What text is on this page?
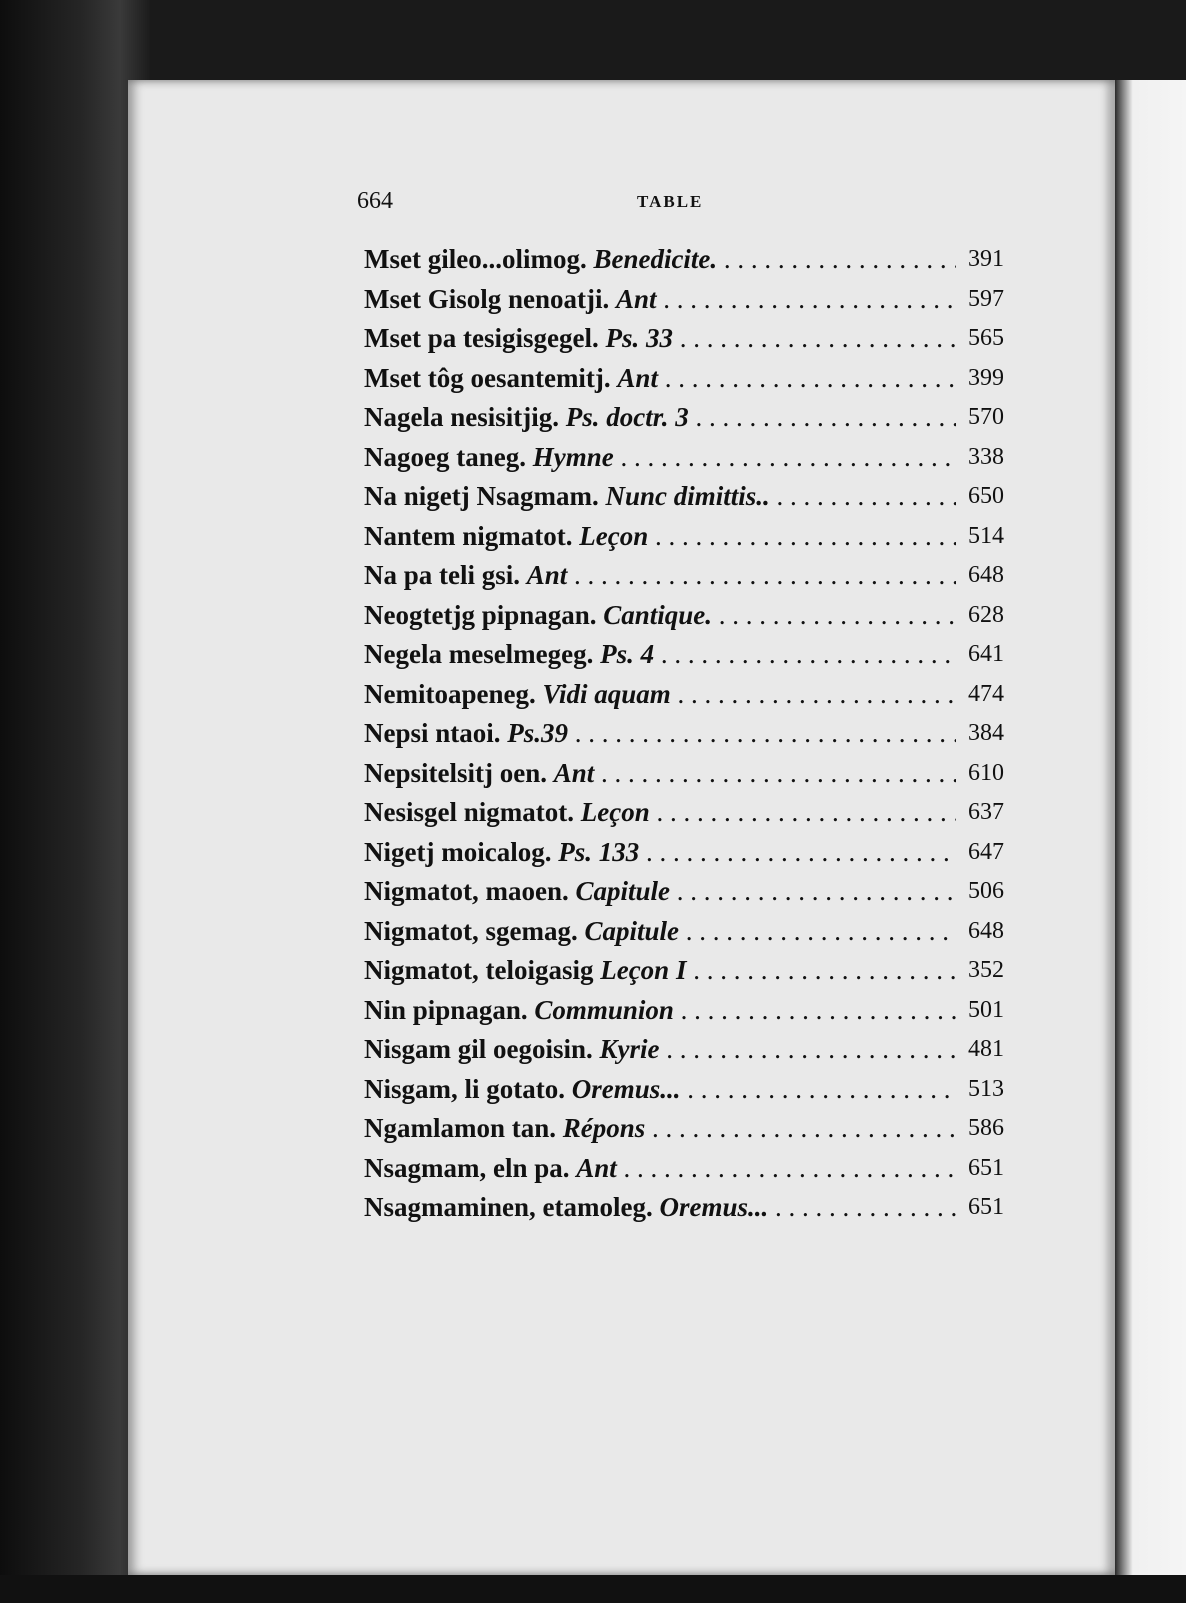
664	TABLE
Mset gileo...olimog. Benedicite. . . .	391
Mset Gisolg nenoatji. Ant . . .	597
Mset pa tesigisgegel. Ps. 33 . . .	565
Mset tôg oesantemitj. Ant . . .	399
Nagela nesisitjig. Ps. doctr. 3 . . .	570
Nagoeg taneg. Hymne . . .	338
Na nigetj Nsagmam. Nunc dimittis.. . . .	650
Nantem nigmatot. Leçon . . .	514
Na pa teli gsi. Ant . . .	648
Neogtetjg pipnagan. Cantique. . . .	628
Negela meselmegeg. Ps. 4 . . .	641
Nemitoapeneg. Vidi aquam . . .	474
Nepsi ntaoi. Ps.39 . . .	384
Nepsitelsitj oen. Ant . . .	610
Nesisgel nigmatot. Leçon . . .	637
Nigetj moicalog. Ps. 133 . . .	647
Nigmatot, maoen. Capitule . . .	506
Nigmatot, sgemag. Capitule . . .	648
Nigmatot, teloigasig Leçon I . . .	352
Nin pipnagan. Communion . . .	501
Nisgam gil oegoisin. Kyrie . . .	481
Nisgam, li gotato. Oremus... . . .	513
Ngamlamon tan. Répons . . .	586
Nsagmam, eln pa. Ant . . .	651
Nsagmaminen, etamoleg. Oremus... . . .	651
